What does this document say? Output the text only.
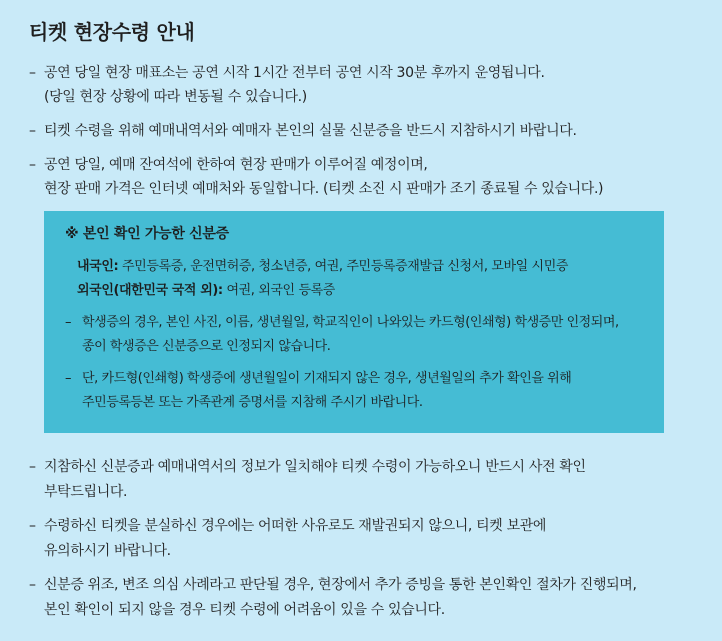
티켓 현장수령 안내
– 공연 당일 현장 매표소는 공연 시작 1시간 전부터 공연 시작 30분 후까지 운영됩니다.
(당일 현장 상황에 따라 변동될 수 있습니다.)
– 티켓 수령을 위해 예매내역서와 예매자 본인의 실물 신분증을 반드시 지참하시기 바랍니다.
– 공연 당일, 예매 잔여석에 한하여 현장 판매가 이루어질 예정이며,
현장 판매 가격은 인터넷 예매처와 동일합니다. (티켓 소진 시 판매가 조기 종료될 수 있습니다.)
※ 본인 확인 가능한 신분증
내국인: 주민등록증, 운전면허증, 청소년증, 여권, 주민등록증재발급 신청서, 모바일 시민증
외국인(대한민국 국적 외): 여권, 외국인 등록증
– 학생증의 경우, 본인 사진, 이름, 생년월일, 학교직인이 나와있는 카드형(인쇄형) 학생증만 인정되며,
종이 학생증은 신분증으로 인정되지 않습니다.
– 단, 카드형(인쇄형) 학생증에 생년월일이 기재되지 않은 경우, 생년월일의 추가 확인을 위해
주민등록등본 또는 가족관계 증명서를 지참해 주시기 바랍니다.
– 지참하신 신분증과 예매내역서의 정보가 일치해야 티켓 수령이 가능하오니 반드시 사전 확인
부탁드립니다.
– 수령하신 티켓을 분실하신 경우에는 어떠한 사유로도 재발권되지 않으니, 티켓 보관에
유의하시기 바랍니다.
– 신분증 위조, 변조 의심 사례라고 판단될 경우, 현장에서 추가 증빙을 통한 본인확인 절차가 진행되며,
본인 확인이 되지 않을 경우 티켓 수령에 어려움이 있을 수 있습니다.
